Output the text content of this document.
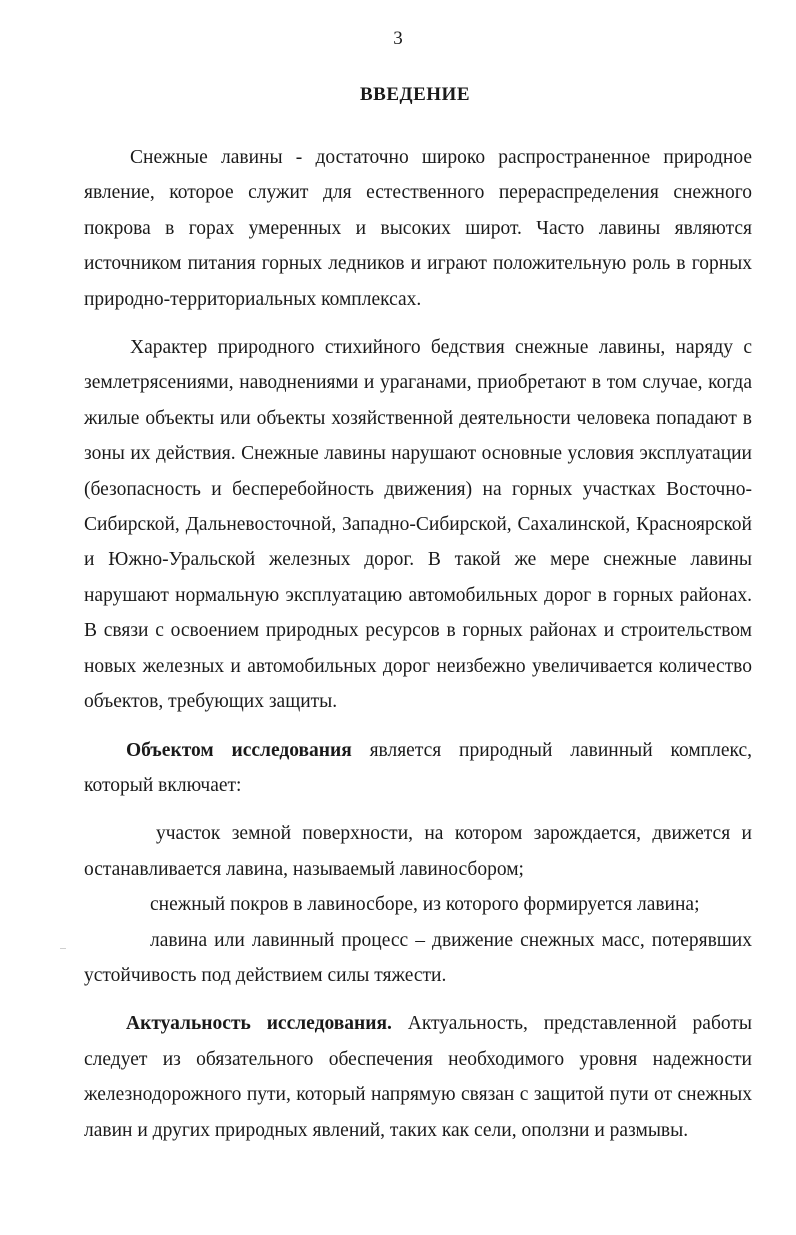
3
ВВЕДЕНИЕ

Снежные лавины - достаточно широко распространенное природное явление, которое служит для естественного перераспределения снежного покрова в горах умеренных и высоких широт. Часто лавины являются источником питания горных ледников и играют положительную роль в горных природно-территориальных комплексах.

Характер природного стихийного бедствия снежные лавины, наряду с землетрясениями, наводнениями и ураганами, приобретают в том случае, когда жилые объекты или объекты хозяйственной деятельности человека попадают в зоны их действия. Снежные лавины нарушают основные условия эксплуатации (безопасность и бесперебойность движения) на горных участках Восточно-Сибирской, Дальневосточной, Западно-Сибирской, Сахалинской, Красноярской и Южно-Уральской железных дорог. В такой же мере снежные лавины нарушают нормальную эксплуатацию автомобильных дорог в горных районах. В связи с освоением природных ресурсов в горных районах и строительством новых железных и автомобильных дорог неизбежно увеличивается количество объектов, требующих защиты.

Объектом исследования является природный лавинный комплекс, который включает:

участок земной поверхности, на котором зарождается, движется и останавливается лавина, называемый лавиносбором;

снежный покров в лавиносборе, из которого формируется лавина;

лавина или лавинный процесс – движение снежных масс, потерявших устойчивость под действием силы тяжести.

Актуальность исследования. Актуальность, представленной работы следует из обязательного обеспечения необходимого уровня надежности железнодорожного пути, который напрямую связан с защитой пути от снежных лавин и других природных явлений, таких как сели, оползни и размывы.
